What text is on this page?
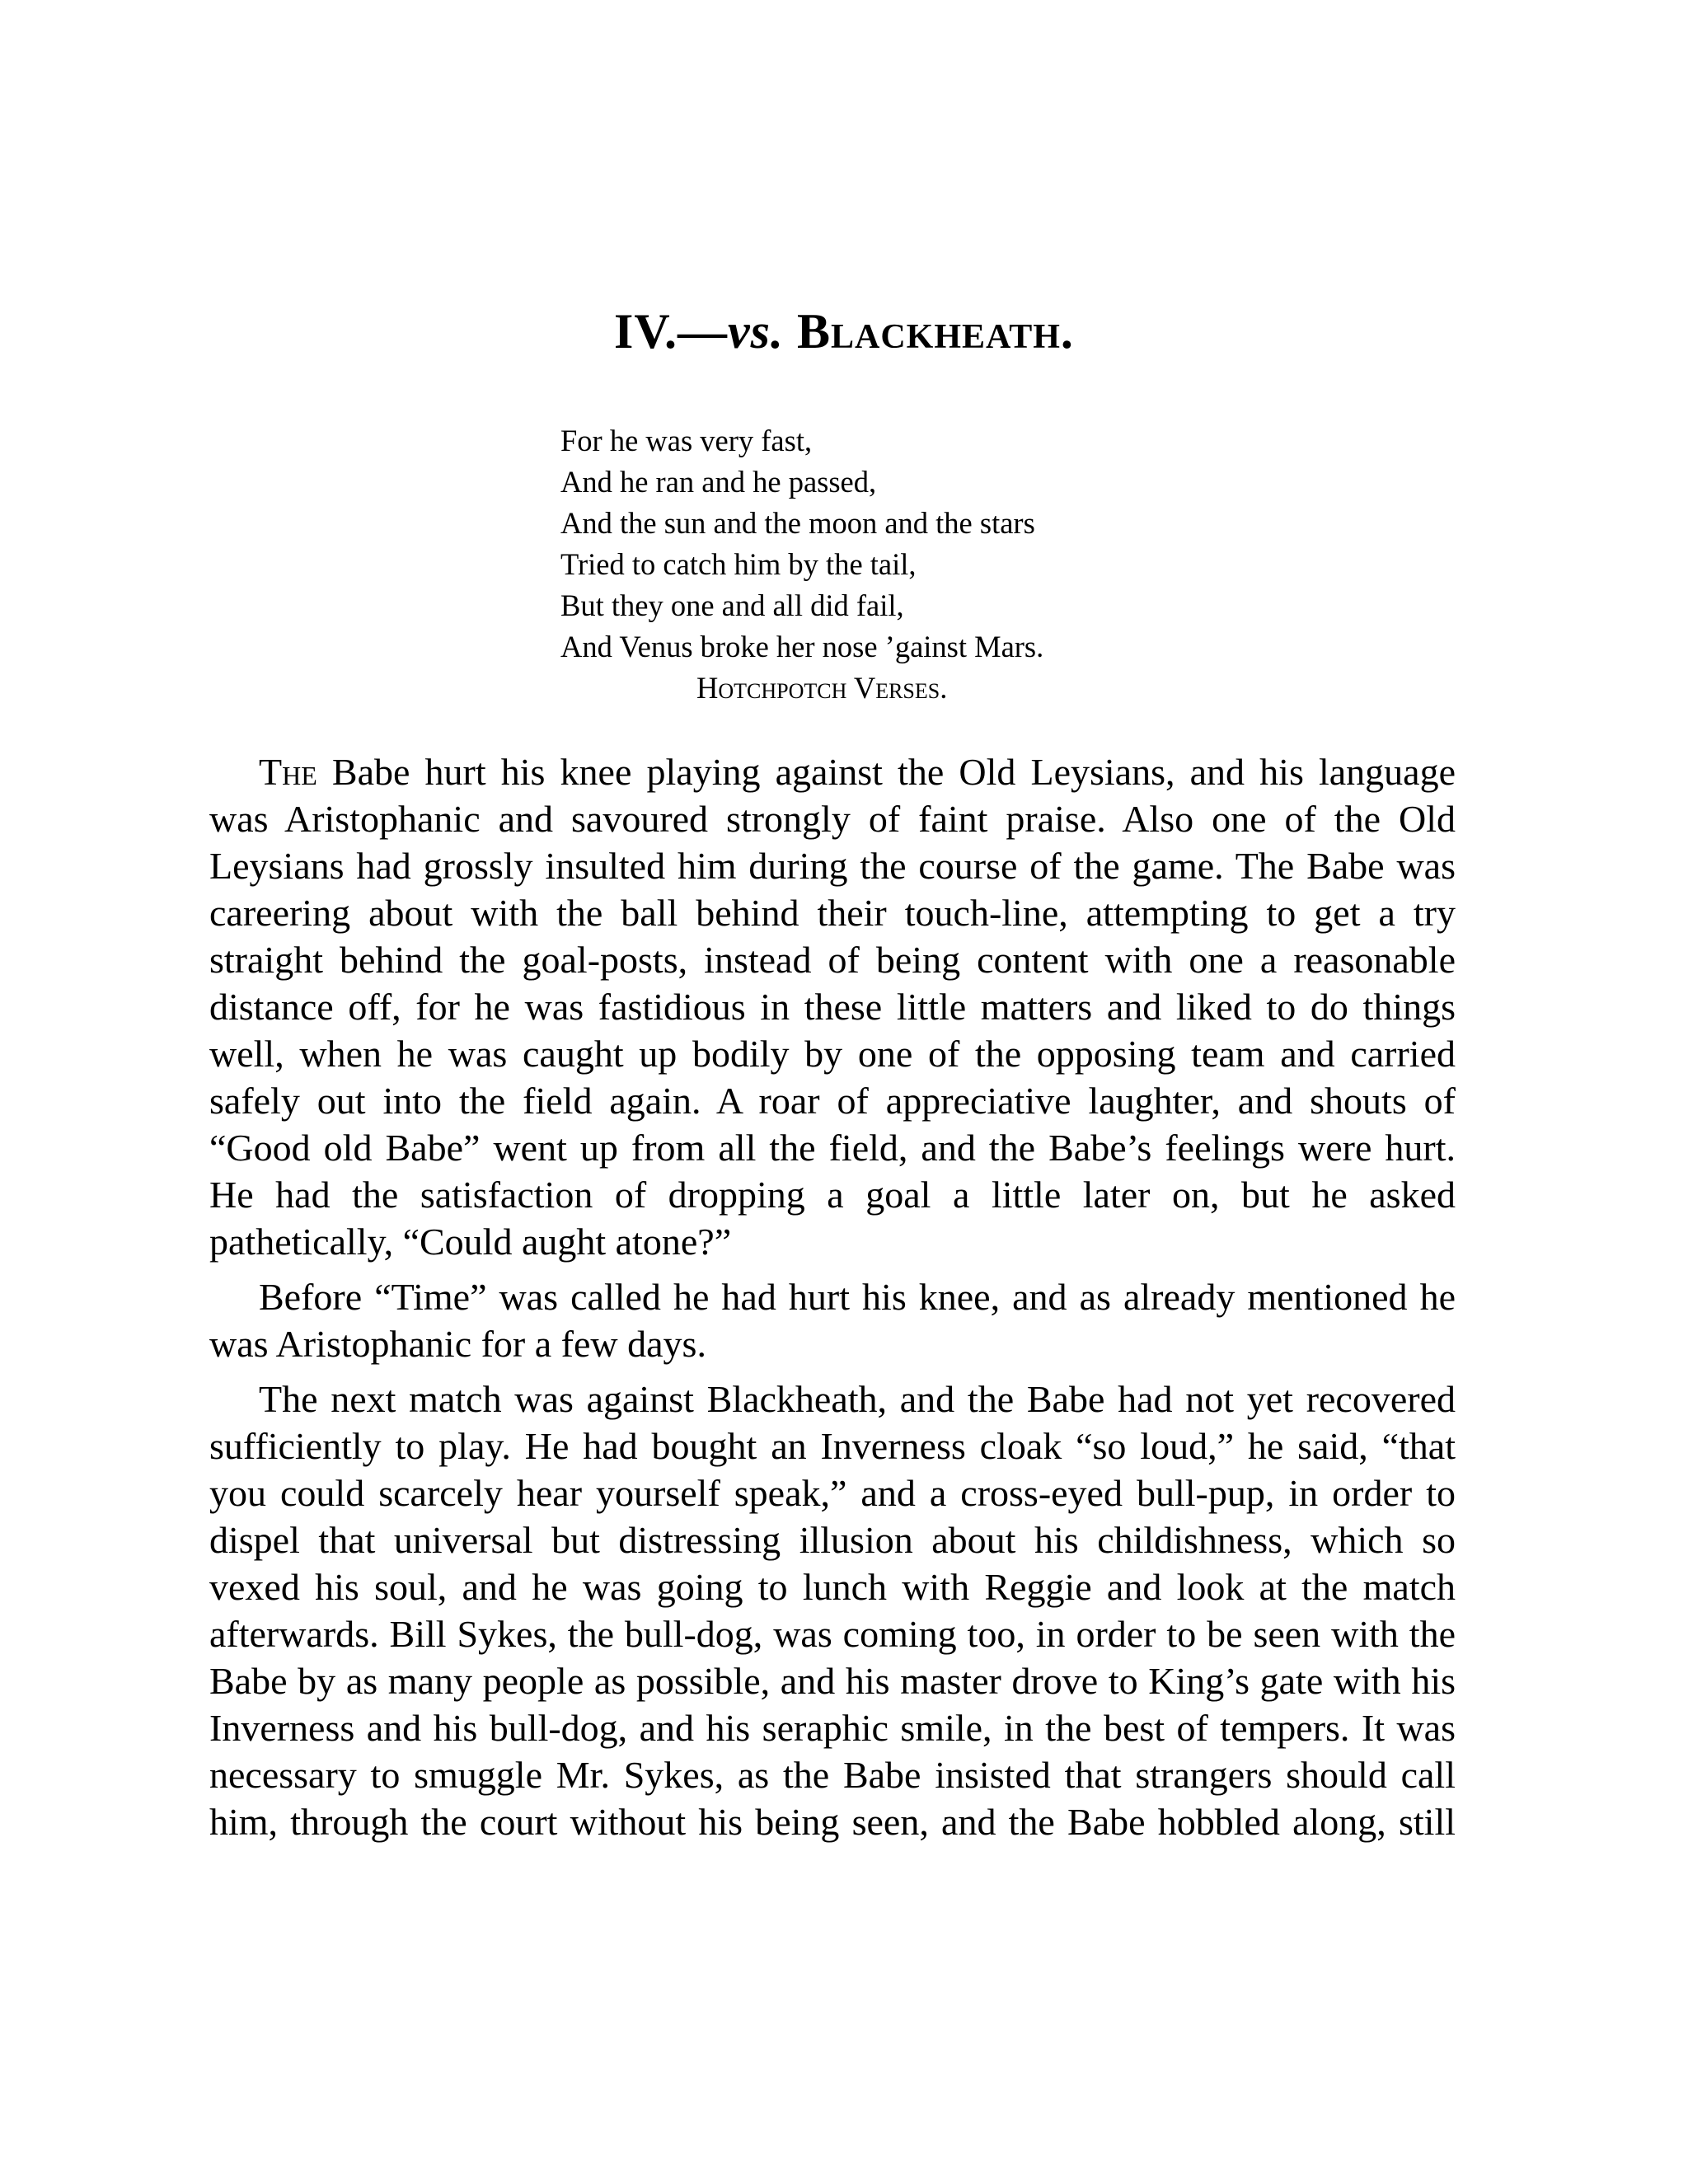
IV.—vs. Blackheath.
For he was very fast,
And he ran and he passed,
And the sun and the moon and the stars
Tried to catch him by the tail,
But they one and all did fail,
And Venus broke her nose ’gainst Mars.
Hotchpotch Verses.

The Babe hurt his knee playing against the Old Leysians, and his language was Aristophanic and savoured strongly of faint praise. Also one of the Old Leysians had grossly insulted him during the course of the game. The Babe was careering about with the ball behind their touch-line, attempting to get a try straight behind the goal-posts, instead of being content with one a reasonable distance off, for he was fastidious in these little matters and liked to do things well, when he was caught up bodily by one of the opposing team and carried safely out into the field again. A roar of appreciative laughter, and shouts of “Good old Babe” went up from all the field, and the Babe’s feelings were hurt. He had the satisfaction of dropping a goal a little later on, but he asked pathetically, “Could aught atone?”

Before “Time” was called he had hurt his knee, and as already mentioned he was Aristophanic for a few days.

The next match was against Blackheath, and the Babe had not yet recovered sufficiently to play. He had bought an Inverness cloak “so loud,” he said, “that you could scarcely hear yourself speak,” and a cross-eyed bull-pup, in order to dispel that universal but distressing illusion about his childishness, which so vexed his soul, and he was going to lunch with Reggie and look at the match afterwards. Bill Sykes, the bull-dog, was coming too, in order to be seen with the Babe by as many people as possible, and his master drove to King’s gate with his Inverness and his bull-dog, and his seraphic smile, in the best of tempers. It was necessary to smuggle Mr. Sykes, as the Babe insisted that strangers should call him, through the court without his being seen, and the Babe hobbled along, still
